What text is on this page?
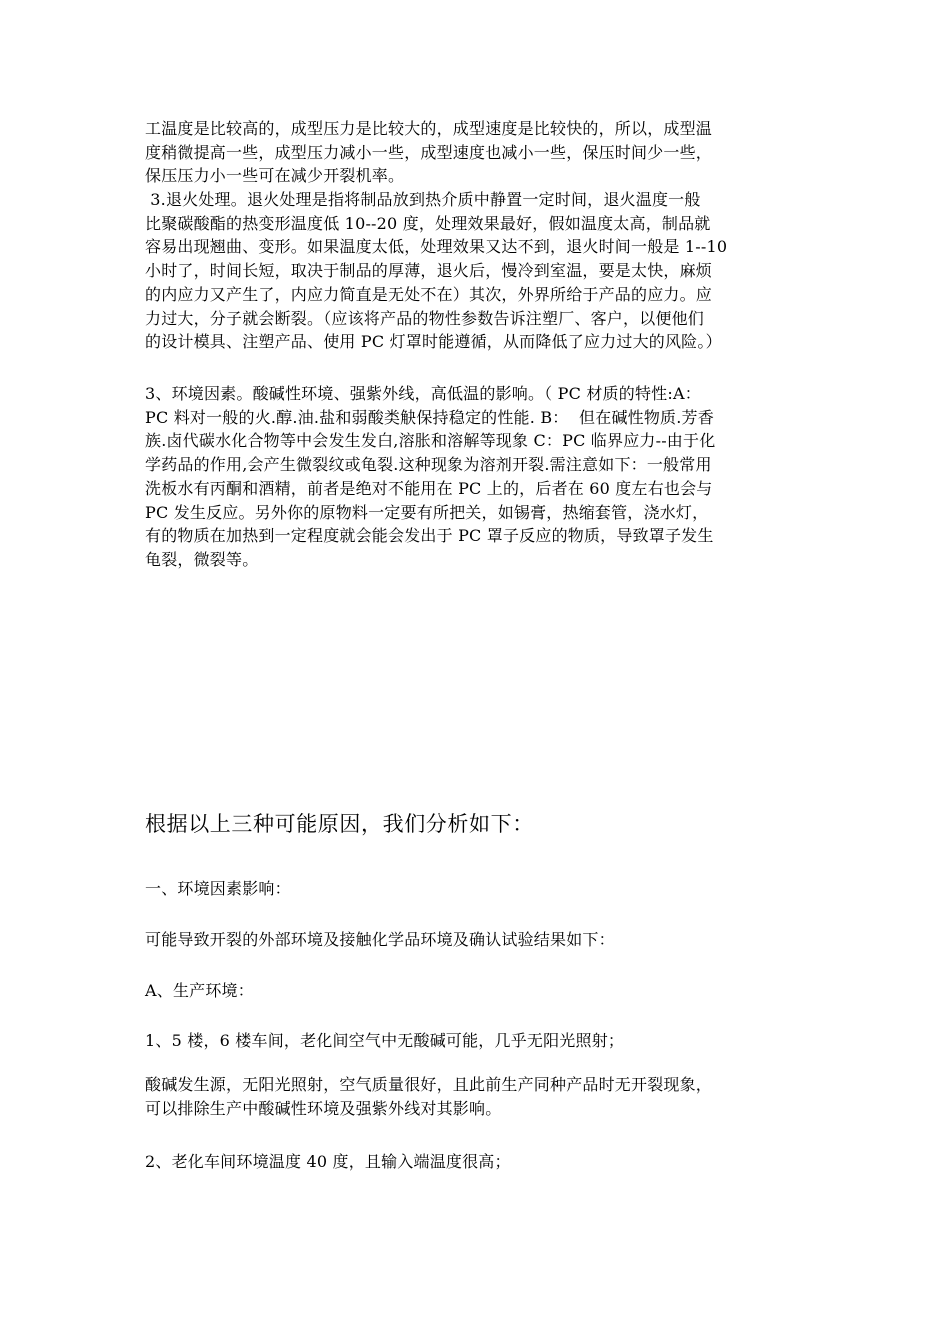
工温度是比较高的，成型压力是比较大的，成型速度是比较快的，所以，成型温
度稍微提高一些，成型压力减小一些，成型速度也减小一些，保压时间少一些，
保压压力小一些可在减少开裂机率。
3.退火处理。退火处理是指将制品放到热介质中静置一定时间，退火温度一般
比聚碳酸酯的热变形温度低 10--20 度，处理效果最好，假如温度太高，制品就
容易出现翘曲、变形。如果温度太低，处理效果又达不到，退火时间一般是 1--10
小时了，时间长短，取决于制品的厚薄，退火后，慢冷到室温，要是太快，麻烦
的内应力又产生了，内应力简直是无处不在）其次，外界所给于产品的应力。应
力过大，分子就会断裂。（应该将产品的物性参数告诉注塑厂、客户，以便他们
的设计模具、注塑产品、使用 PC 灯罩时能遵循，从而降低了应力过大的风险。）
3、环境因素。酸碱性环境、强紫外线，高低温的影响。（ PC 材质的特性:A：
PC 料对一般的火.醇.油.盐和弱酸类觖保持稳定的性能. B：  但在碱性物质.芳香
族.卤代碳水化合物等中会发生发白,溶胀和溶解等现象 C：PC 临界应力--由于化
学药品的作用,会产生微裂纹或龟裂.这种现象为溶剂开裂.需注意如下：一般常用
洗板水有丙酮和酒精，前者是绝对不能用在 PC 上的，后者在 60 度左右也会与
PC 发生反应。另外你的原物料一定要有所把关，如锡膏，热缩套管，浇水灯，
有的物质在加热到一定程度就会能会发出于 PC 罩子反应的物质，导致罩子发生
龟裂，微裂等。
根据以上三种可能原因，我们分析如下：
一、环境因素影响：
可能导致开裂的外部环境及接触化学品环境及确认试验结果如下：
A、生产环境：
1、5 楼，6 楼车间，老化间空气中无酸碱可能，几乎无阳光照射；
酸碱发生源，无阳光照射，空气质量很好，且此前生产同种产品时无开裂现象，
可以排除生产中酸碱性环境及强紫外线对其影响。
2、老化车间环境温度 40 度，且输入端温度很高；
